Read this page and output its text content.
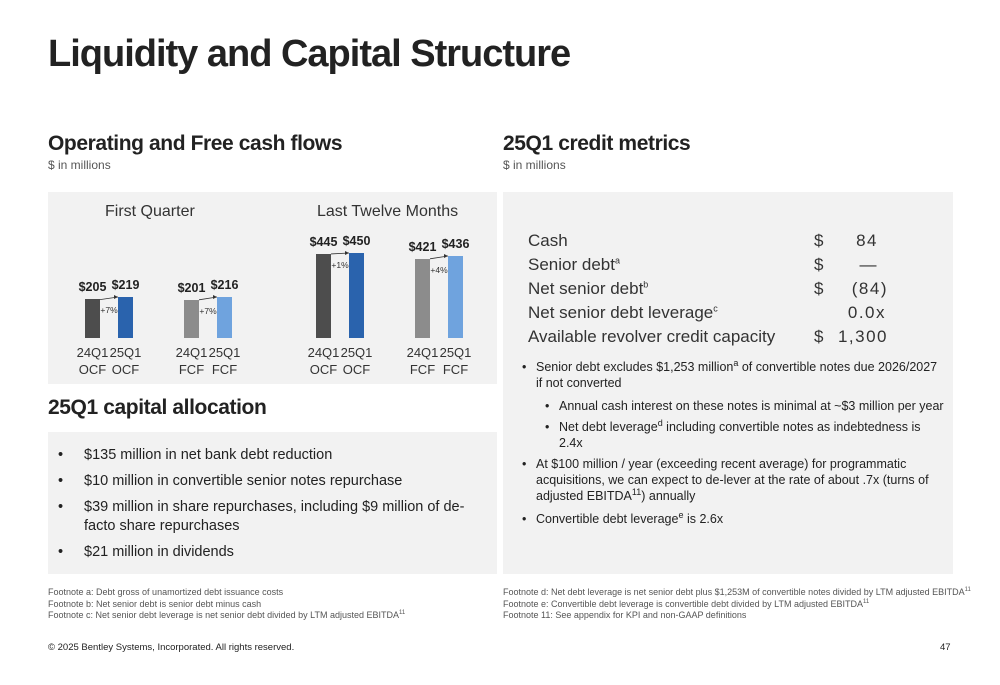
Liquidity and Capital Structure
Operating and Free cash flows
$ in millions
First Quarter
$205
24Q1
OCF
$219
25Q1
OCF
+7%
$201
24Q1
FCF
$216
25Q1
FCF
+7%
Last Twelve Months
$445
24Q1
OCF
$450
25Q1
OCF
+1%
$421
24Q1
FCF
$436
25Q1
FCF
+4%
25Q1 capital allocation
• $135 million in net bank debt reduction
• $10 million in convertible senior notes repurchase
• $39 million in share repurchases, including $9 million of de-facto share repurchases
• $21 million in dividends
25Q1 credit metrics
$ in millions
Cash	$ 84
Senior debt$^a$	$ —
Net senior debt$^b$	$ (84)
Net senior debt leverage$^c$	0.0x
Available revolver credit capacity $ 1,300
• Senior debt excludes $1,253 million$^a$ of convertible notes due 2026/2027 if not converted
• Annual cash interest on these notes is minimal at ~$3 million per year
• Net debt leverage$^d$ including convertible notes as indebtedness is 2.4x
• At $100 million / year (exceeding recent average) for programmatic acquisitions, we can expect to de-lever at the rate of about .7x (turns of adjusted EBITDA$^{11}$) annually
• Convertible debt leverage$^e$ is 2.6x
Footnote a: Debt gross of unamortized debt issuance costs
Footnote b: Net senior debt is senior debt minus cash
Footnote c: Net senior debt leverage is net senior debt divided by LTM adjusted EBITDA$^{11}$
Footnote d: Net debt leverage is net senior debt plus $1,253M of convertible notes divided by LTM adjusted EBITDA$^{11}$
Footnote e: Convertible debt leverage is convertible debt divided by LTM adjusted EBITDA$^{11}$
Footnote 11: See appendix for KPI and non-GAAP definitions
© 2025 Bentley Systems, Incorporated. All rights reserved.	47
